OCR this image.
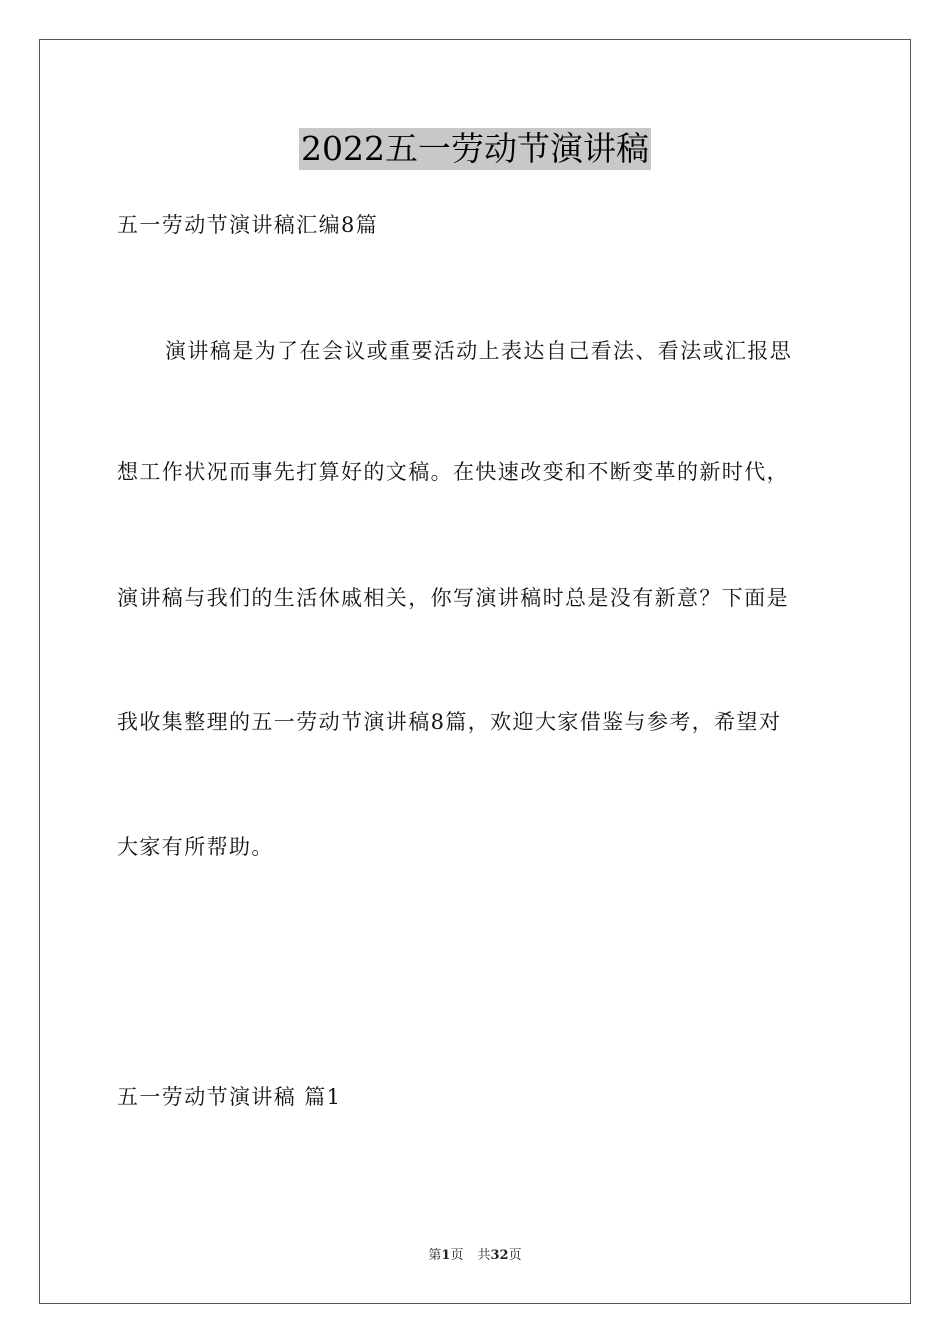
2022五一劳动节演讲稿
五一劳动节演讲稿汇编8篇
演讲稿是为了在会议或重要活动上表达自己看法、看法或汇报思
想工作状况而事先打算好的文稿。在快速改变和不断变革的新时代，
演讲稿与我们的生活休戚相关，你写演讲稿时总是没有新意？下面是
我收集整理的五一劳动节演讲稿8篇，欢迎大家借鉴与参考，希望对
大家有所帮助。
五一劳动节演讲稿 篇1
第1页 共32页
